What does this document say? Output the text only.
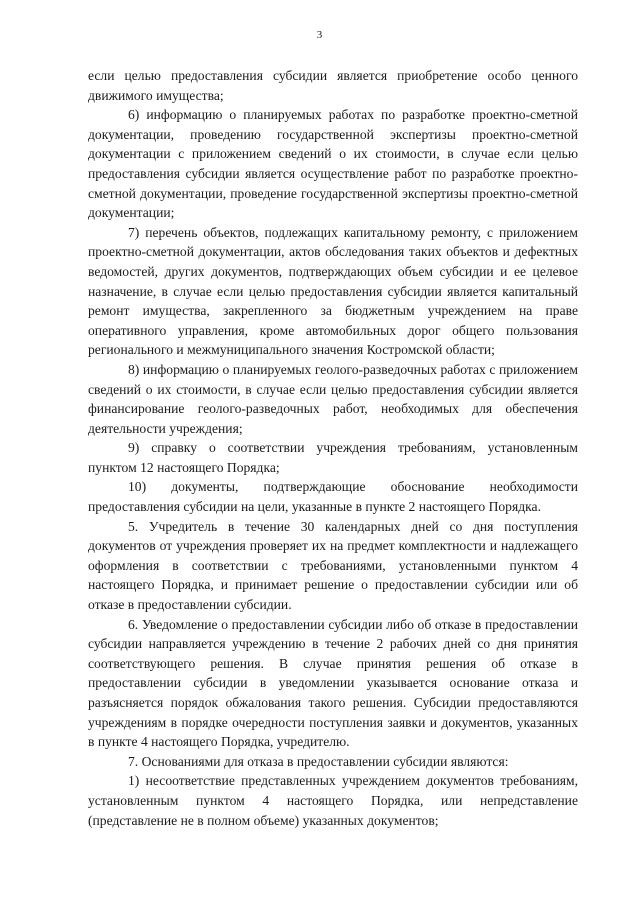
3

если целью предоставления субсидии является приобретение особо ценного движимого имущества;

6) информацию о планируемых работах по разработке проектно-сметной документации, проведению государственной экспертизы проектно-сметной документации с приложением сведений о их стоимости, в случае если целью предоставления субсидии является осуществление работ по разработке проектно-сметной документации, проведение государственной экспертизы проектно-сметной документации;

7) перечень объектов, подлежащих капитальному ремонту, с приложением проектно-сметной документации, актов обследования таких объектов и дефектных ведомостей, других документов, подтверждающих объем субсидии и ее целевое назначение, в случае если целью предоставления субсидии является капитальный ремонт имущества, закрепленного за бюджетным учреждением на праве оперативного управления, кроме автомобильных дорог общего пользования регионального и межмуниципального значения Костромской области;

8) информацию о планируемых геолого-разведочных работах с приложением сведений о их стоимости, в случае если целью предоставления субсидии является финансирование геолого-разведочных работ, необходимых для обеспечения деятельности учреждения;

9) справку о соответствии учреждения требованиям, установленным пунктом 12 настоящего Порядка;

10) документы, подтверждающие обоснование необходимости предоставления субсидии на цели, указанные в пункте 2 настоящего Порядка.

5. Учредитель в течение 30 календарных дней со дня поступления документов от учреждения проверяет их на предмет комплектности и надлежащего оформления в соответствии с требованиями, установленными пунктом 4 настоящего Порядка, и принимает решение о предоставлении субсидии или об отказе в предоставлении субсидии.

6. Уведомление о предоставлении субсидии либо об отказе в предоставлении субсидии направляется учреждению в течение 2 рабочих дней со дня принятия соответствующего решения. В случае принятия решения об отказе в предоставлении субсидии в уведомлении указывается основание отказа и разъясняется порядок обжалования такого решения. Субсидии предоставляются учреждениям в порядке очередности поступления заявки и документов, указанных в пункте 4 настоящего Порядка, учредителю.

7. Основаниями для отказа в предоставлении субсидии являются:

1) несоответствие представленных учреждением документов требованиям, установленным пунктом 4 настоящего Порядка, или непредставление (представление не в полном объеме) указанных документов;
